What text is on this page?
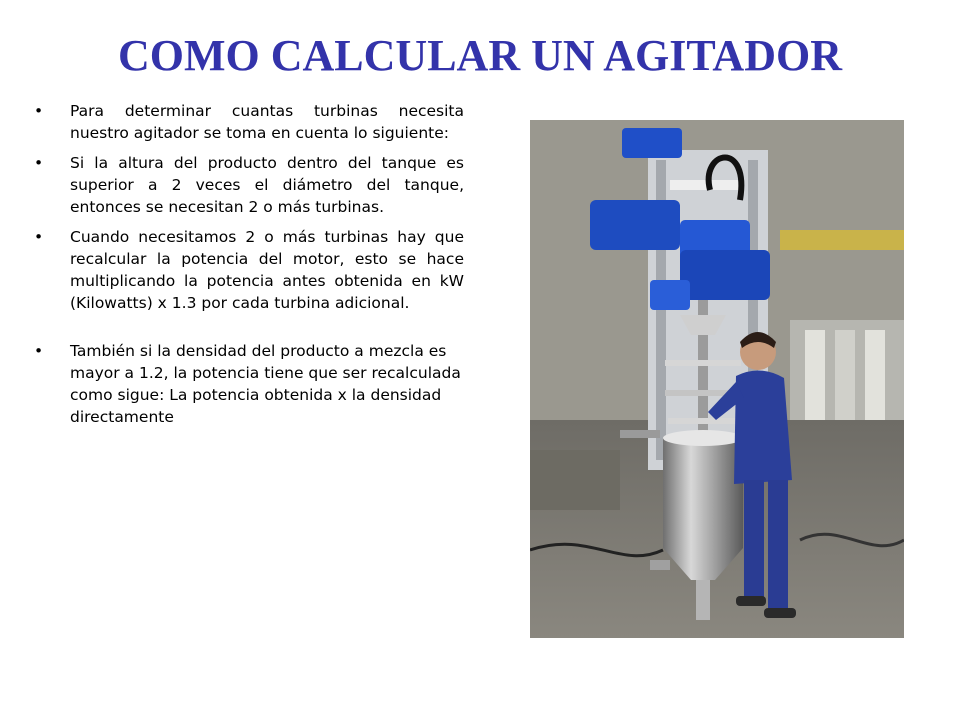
COMO CALCULAR UN AGITADOR
• Para determinar cuantas turbinas necesita nuestro agitador se toma en cuenta lo siguiente:
• Si la altura del producto dentro del tanque es superior a 2 veces el diámetro del tanque, entonces se necesitan 2 o más turbinas.
• Cuando necesitamos 2 o más turbinas hay que recalcular la potencia del motor, esto se hace multiplicando la potencia antes obtenida en kW (Kilowatts) x 1.3 por cada turbina adicional.
• También si la densidad del producto a mezcla es mayor a 1.2, la potencia tiene que ser recalculada como sigue: La potencia obtenida x la densidad directamente
